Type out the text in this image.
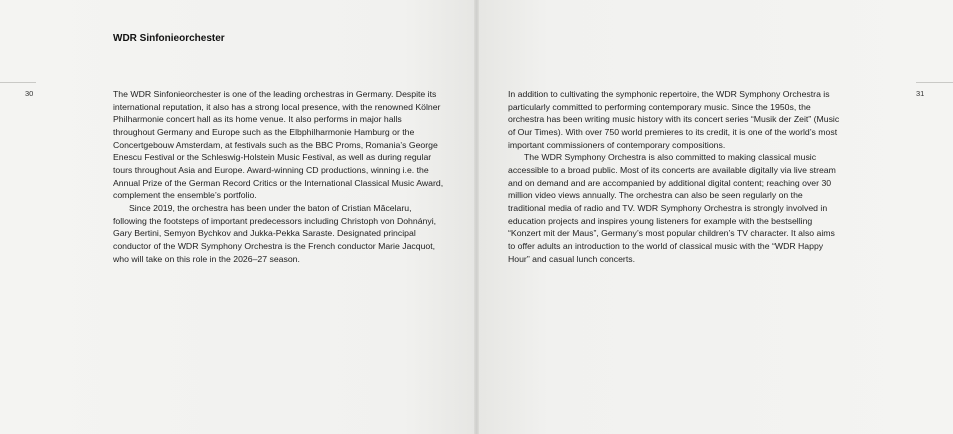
WDR Sinfonieorchester
30	31

The WDR Sinfonieorchester is one of the leading orchestras in Germany. Despite its international reputation, it also has a strong local presence, with the renowned Kölner Philharmonie concert hall as its home venue. It also performs in major halls throughout Germany and Europe such as the Elbphilharmonie Hamburg or the Concertgebouw Amsterdam, at festivals such as the BBC Proms, Romania’s George Enescu Festival or the Schleswig-Holstein Music Festival, as well as during regular tours throughout Asia and Europe. Award-winning CD productions, winning i.e. the Annual Prize of the German Record Critics or the International Classical Music Award, complement the ensemble’s portfolio.

Since 2019, the orchestra has been under the baton of Cristian Măcelaru, following the footsteps of important predecessors including Christoph von Dohnányi, Gary Bertini, Semyon Bychkov and Jukka-Pekka Saraste. Designated principal conductor of the WDR Symphony Orchestra is the French conductor Marie Jacquot, who will take on this role in the 2026–27 season.

In addition to cultivating the symphonic repertoire, the WDR Symphony Orchestra is particularly committed to performing contemporary music. Since the 1950s, the orchestra has been writing music history with its concert series “Musik der Zeit” (Music of Our Times). With over 750 world premieres to its credit, it is one of the world’s most important commissioners of contemporary compositions.

The WDR Symphony Orchestra is also committed to making classical music accessible to a broad public. Most of its concerts are available digitally via live stream and on demand and are accompanied by additional digital content; reaching over 30 million video views annually. The orchestra can also be seen regularly on the traditional media of radio and TV. WDR Symphony Orchestra is strongly involved in education projects and inspires young listeners for example with the bestselling “Konzert mit der Maus”, Germany’s most popular children’s TV character. It also aims to offer adults an introduction to the world of classical music with the “WDR Happy Hour” and casual lunch concerts.
